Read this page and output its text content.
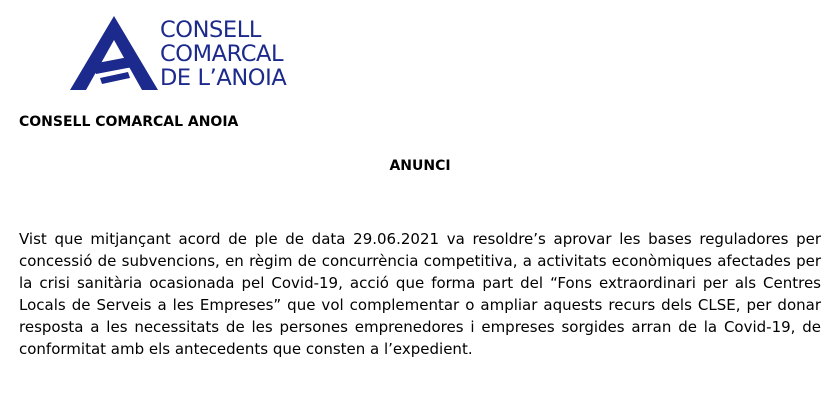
CONSELL
COMARCAL
DE L’ANOIA
CONSELL COMARCAL ANOIA
ANUNCI

Vist que mitjançant acord de ple de data 29.06.2021 va resoldre’s aprovar les bases reguladores per concessió de subvencions, en règim de concurrència competitiva, a activitats econòmiques afectades per la crisi sanitària ocasionada pel Covid-19, acció que forma part del “Fons extraordinari per als Centres Locals de Serveis a les Empreses” que vol complementar o ampliar aquests recurs dels CLSE, per donar resposta a les necessitats de les persones emprenedores i empreses sorgides arran de la Covid-19, de conformitat amb els antecedents que consten a l’expedient.
